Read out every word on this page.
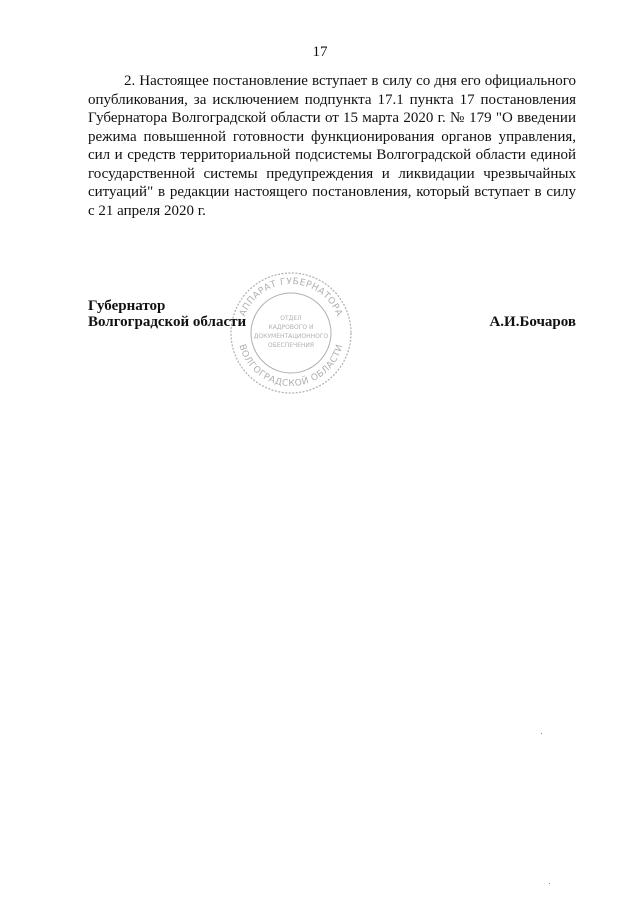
17

2. Настоящее постановление вступает в силу со дня его официального опубликования, за исключением подпункта 17.1 пункта 17 постановления Губернатора Волгоградской области от 15 марта 2020 г. № 179 "О введении режима повышенной готовности функционирования органов управления, сил и средств территориальной подсистемы Волгоградской области единой государственной системы предупреждения и ликвидации чрезвычайных ситуаций" в редакции настоящего постановления, который вступает в силу с 21 апреля 2020 г.

Губернатор
Волгоградской области	А.И.Бочаров
АППАРАТ ГУБЕРНАТОРА
ВОЛГОГРАДСКОЙ ОБЛАСТИ
ОТДЕЛ
КАДРОВОГО И
ДОКУМЕНТАЦИОННОГО
ОБЕСПЕЧЕНИЯ
